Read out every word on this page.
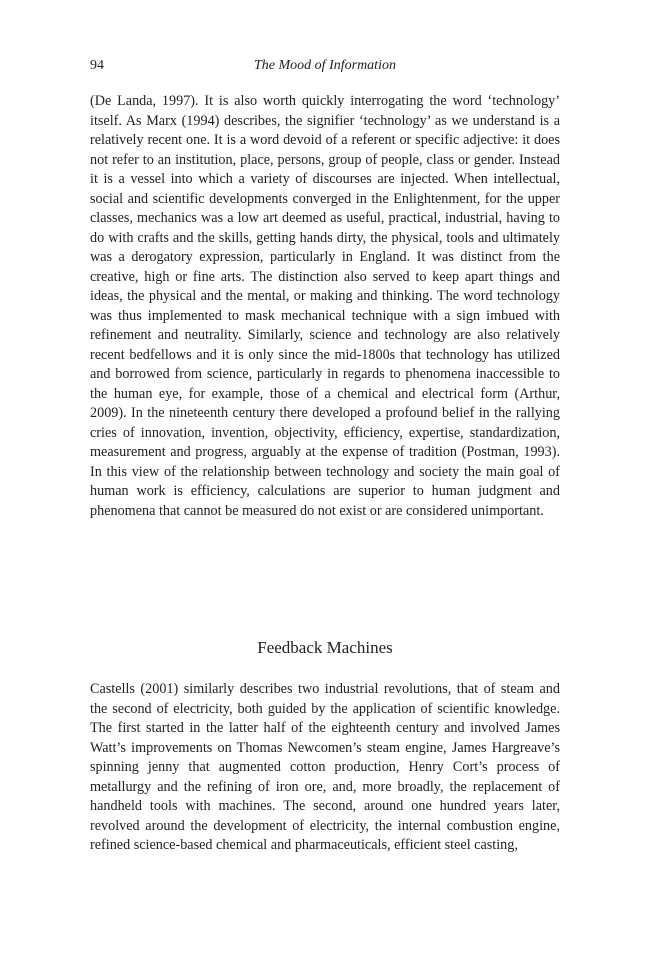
94	The Mood of Information

(De Landa, 1997). It is also worth quickly interrogating the word ‘technology’ itself. As Marx (1994) describes, the signifier ‘technology’ as we understand is a relatively recent one. It is a word devoid of a referent or specific adjective: it does not refer to an institution, place, persons, group of people, class or gender. Instead it is a vessel into which a variety of discourses are injected. When intellectual, social and scientific developments converged in the Enlightenment, for the upper classes, mechanics was a low art deemed as useful, practical, industrial, having to do with crafts and the skills, getting hands dirty, the physical, tools and ultimately was a derogatory expression, particularly in England. It was distinct from the creative, high or fine arts. The distinction also served to keep apart things and ideas, the physical and the mental, or making and thinking. The word technology was thus implemented to mask mechanical technique with a sign imbued with refinement and neutrality. Similarly, science and technology are also relatively recent bedfellows and it is only since the mid-1800s that technology has utilized and borrowed from science, particularly in regards to phenomena inaccessible to the human eye, for example, those of a chemical and electrical form (Arthur, 2009). In the nineteenth century there developed a profound belief in the rallying cries of innovation, invention, objectivity, efficiency, expertise, standardization, measurement and progress, arguably at the expense of tradition (Postman, 1993). In this view of the relationship between technology and society the main goal of human work is efficiency, calculations are superior to human judgment and phenomena that cannot be measured do not exist or are considered unimportant.

Feedback Machines

Castells (2001) similarly describes two industrial revolutions, that of steam and the second of electricity, both guided by the application of scientific knowledge. The first started in the latter half of the eighteenth century and involved James Watt’s improvements on Thomas Newcomen’s steam engine, James Hargreave’s spinning jenny that augmented cotton production, Henry Cort’s process of metallurgy and the refining of iron ore, and, more broadly, the replacement of handheld tools with machines. The second, around one hundred years later, revolved around the development of electricity, the internal combustion engine, refined science-based chemical and pharmaceuticals, efficient steel casting,
